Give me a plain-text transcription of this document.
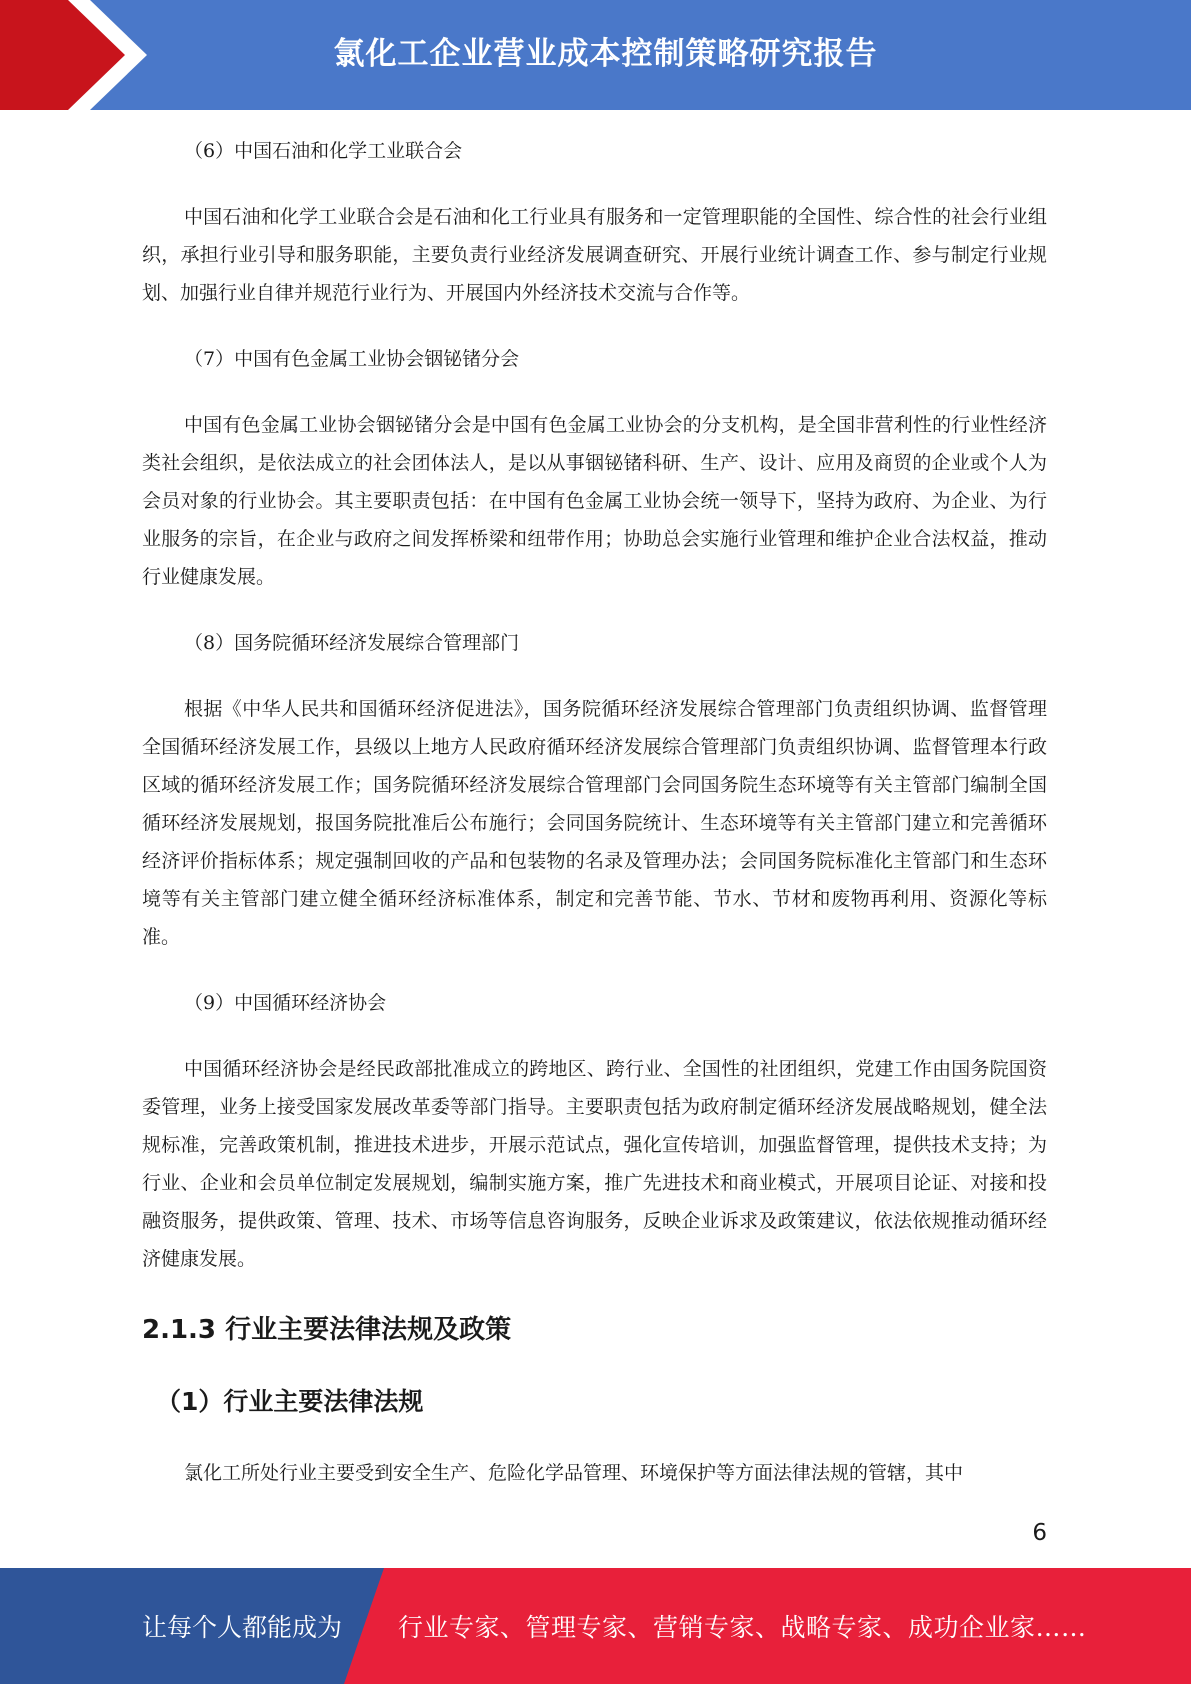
氯化工企业营业成本控制策略研究报告

（6）中国石油和化学工业联合会

中国石油和化学工业联合会是石油和化工行业具有服务和一定管理职能的全国性、综合性的社会行业组织，承担行业引导和服务职能，主要负责行业经济发展调查研究、开展行业统计调查工作、参与制定行业规划、加强行业自律并规范行业行为、开展国内外经济技术交流与合作等。

（7）中国有色金属工业协会铟铋锗分会

中国有色金属工业协会铟铋锗分会是中国有色金属工业协会的分支机构，是全国非营利性的行业性经济类社会组织，是依法成立的社会团体法人，是以从事铟铋锗科研、生产、设计、应用及商贸的企业或个人为会员对象的行业协会。其主要职责包括：在中国有色金属工业协会统一领导下，坚持为政府、为企业、为行业服务的宗旨，在企业与政府之间发挥桥梁和纽带作用；协助总会实施行业管理和维护企业合法权益，推动行业健康发展。

（8）国务院循环经济发展综合管理部门

根据《中华人民共和国循环经济促进法》，国务院循环经济发展综合管理部门负责组织协调、监督管理全国循环经济发展工作，县级以上地方人民政府循环经济发展综合管理部门负责组织协调、监督管理本行政区域的循环经济发展工作；国务院循环经济发展综合管理部门会同国务院生态环境等有关主管部门编制全国循环经济发展规划，报国务院批准后公布施行；会同国务院统计、生态环境等有关主管部门建立和完善循环经济评价指标体系；规定强制回收的产品和包装物的名录及管理办法；会同国务院标准化主管部门和生态环境等有关主管部门建立健全循环经济标准体系，制定和完善节能、节水、节材和废物再利用、资源化等标准。

（9）中国循环经济协会

中国循环经济协会是经民政部批准成立的跨地区、跨行业、全国性的社团组织，党建工作由国务院国资委管理，业务上接受国家发展改革委等部门指导。主要职责包括为政府制定循环经济发展战略规划，健全法规标准，完善政策机制，推进技术进步，开展示范试点，强化宣传培训，加强监督管理，提供技术支持；为行业、企业和会员单位制定发展规划，编制实施方案，推广先进技术和商业模式，开展项目论证、对接和投融资服务，提供政策、管理、技术、市场等信息咨询服务，反映企业诉求及政策建议，依法依规推动循环经济健康发展。

2.1.3 行业主要法律法规及政策
（1）行业主要法律法规

氯化工所处行业主要受到安全生产、危险化学品管理、环境保护等方面法律法规的管辖，其中

6
让每个人都能成为 行业专家、管理专家、营销专家、战略专家、成功企业家……
